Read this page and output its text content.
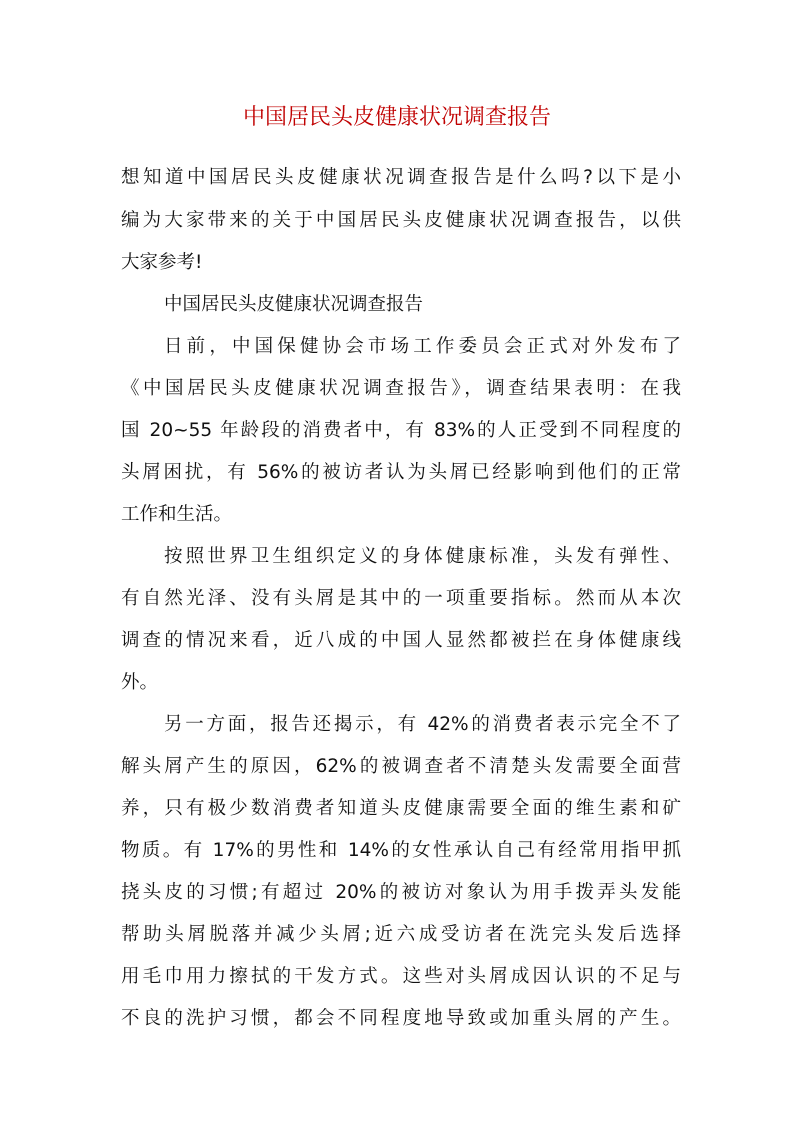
中国居民头皮健康状况调查报告
想知道中国居民头皮健康状况调查报告是什么吗?以下是小
编为大家带来的关于中国居民头皮健康状况调查报告，以供
大家参考!
中国居民头皮健康状况调查报告
日前，中国保健协会市场工作委员会正式对外发布了
《中国居民头皮健康状况调查报告》，调查结果表明：在我
国 20~55 年龄段的消费者中，有 83%的人正受到不同程度的
头屑困扰，有 56%的被访者认为头屑已经影响到他们的正常
工作和生活。
按照世界卫生组织定义的身体健康标准，头发有弹性、
有自然光泽、没有头屑是其中的一项重要指标。然而从本次
调查的情况来看，近八成的中国人显然都被拦在身体健康线
外。
另一方面，报告还揭示，有 42%的消费者表示完全不了
解头屑产生的原因，62%的被调查者不清楚头发需要全面营
养，只有极少数消费者知道头皮健康需要全面的维生素和矿
物质。有 17%的男性和 14%的女性承认自己有经常用指甲抓
挠头皮的习惯;有超过 20%的被访对象认为用手拨弄头发能
帮助头屑脱落并减少头屑;近六成受访者在洗完头发后选择
用毛巾用力擦拭的干发方式。这些对头屑成因认识的不足与
不良的洗护习惯，都会不同程度地导致或加重头屑的产生。
